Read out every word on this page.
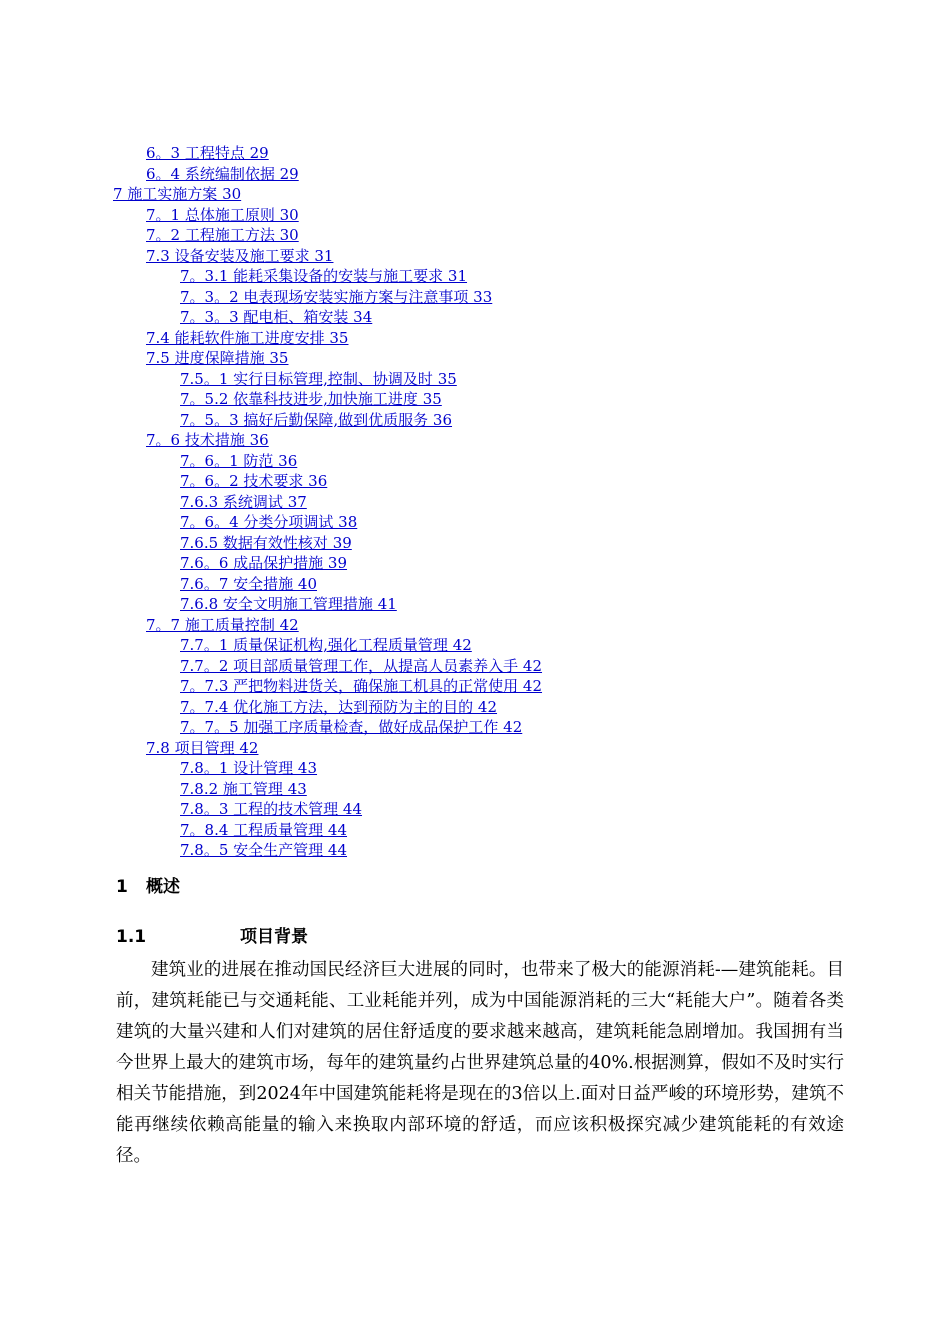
6。3 工程特点 29
6。4 系统编制依据 29
7 施工实施方案 30
7。1 总体施工原则 30
7。2 工程施工方法 30
7.3 设备安装及施工要求 31
7。3.1 能耗采集设备的安装与施工要求 31
7。3。2 电表现场安装实施方案与注意事项 33
7。3。3 配电柜、箱安装 34
7.4 能耗软件施工进度安排 35
7.5 进度保障措施 35
7.5。1 实行目标管理,控制、协调及时 35
7。5.2 依靠科技进步,加快施工进度 35
7。5。3 搞好后勤保障,做到优质服务 36
7。6 技术措施 36
7。6。1 防范 36
7。6。2 技术要求 36
7.6.3 系统调试 37
7。6。4 分类分项调试 38
7.6.5 数据有效性核对 39
7.6。6 成品保护措施 39
7.6。7 安全措施 40
7.6.8 安全文明施工管理措施 41
7。7 施工质量控制 42
7.7。1 质量保证机构,强化工程质量管理 42
7.7。2 项目部质量管理工作，从提高人员素养入手 42
7。7.3 严把物料进货关，确保施工机具的正常使用 42
7。7.4 优化施工方法，达到预防为主的目的 42
7。7。5 加强工序质量检查，做好成品保护工作 42
7.8 项目管理 42
7.8。1 设计管理 43
7.8.2 施工管理 43
7.8。3 工程的技术管理 44
7。8.4 工程质量管理 44
7.8。5 安全生产管理 44
1 概述
1.1	项目背景

建筑业的进展在推动国民经济巨大进展的同时，也带来了极大的能源消耗-—建筑能耗。目前，建筑耗能已与交通耗能、工业耗能并列，成为中国能源消耗的三大“耗能大户”。随着各类建筑的大量兴建和人们对建筑的居住舒适度的要求越来越高，建筑耗能急剧增加。我国拥有当今世界上最大的建筑市场，每年的建筑量约占世界建筑总量的40%.根据测算，假如不及时实行相关节能措施，到2024年中国建筑能耗将是现在的3倍以上.面对日益严峻的环境形势，建筑不能再继续依赖高能量的输入来换取内部环境的舒适，而应该积极探究减少建筑能耗的有效途径。
